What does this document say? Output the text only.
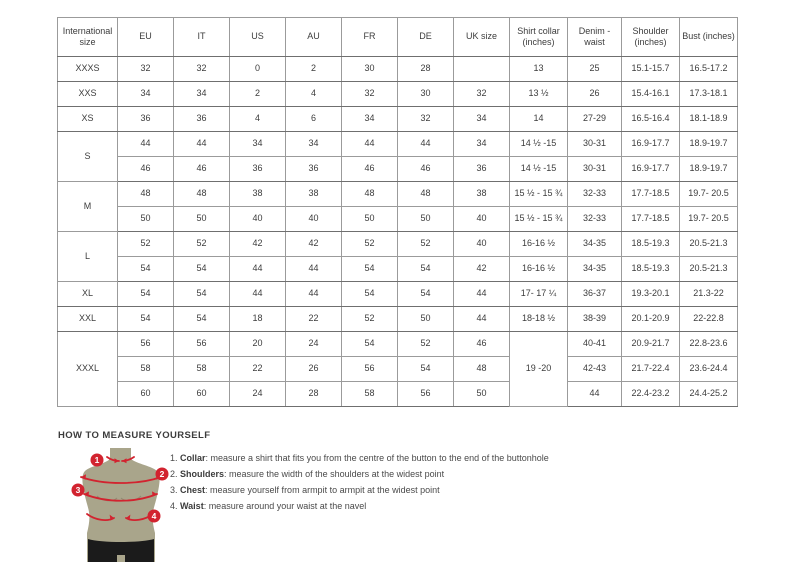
International size	EU	IT	US	AU	FR	DE	UK size	Shirt collar (inches)	Denim - waist	Shoulder (inches)	Bust (inches)
XXXS	32	32	0	2	30	28		13	25	15.1-15.7	16.5-17.2
XXS	34	34	2	4	32	30	32	13 ½	26	15.4-16.1	17.3-18.1
XS	36	36	4	6	34	32	34	14	27-29	16.5-16.4	18.1-18.9
S	44	44	34	34	44	44	34	14 ½ -15	30-31	16.9-17.7	18.9-19.7
	46	46	36	36	46	46	36	14 ½ -15	30-31	16.9-17.7	18.9-19.7
M	48	48	38	38	48	48	38	15 ½ - 15 ¾	32-33	17.7-18.5	19.7- 20.5
	50	50	40	40	50	50	40	15 ½ - 15 ¾	32-33	17.7-18.5	19.7- 20.5
L	52	52	42	42	52	52	40	16-16 ½	34-35	18.5-19.3	20.5-21.3
	54	54	44	44	54	54	42	16-16 ½	34-35	18.5-19.3	20.5-21.3
XL	54	54	44	44	54	54	44	17- 17 ¼	36-37	19.3-20.1	21.3-22
XXL	54	54	18	22	52	50	44	18-18 ½	38-39	20.1-20.9	22-22.8
XXXL	56	56	20	24	54	52	46	19 -20	40-41	20.9-21.7	22.8-23.6
	58	58	22	26	56	54	48		42-43	21.7-22.4	23.6-24.4
	60	60	24	28	58	56	50		44	22.4-23.2	24.4-25.2
HOW TO MEASURE YOURSELF
1. Collar: measure a shirt that fits you from the centre of the button to the end of the buttonhole
2. Shoulders: measure the width of the shoulders at the widest point
3. Chest: measure yourself from armpit to armpit at the widest point
4. Waist: measure around your waist at the navel
1
2
3
4
